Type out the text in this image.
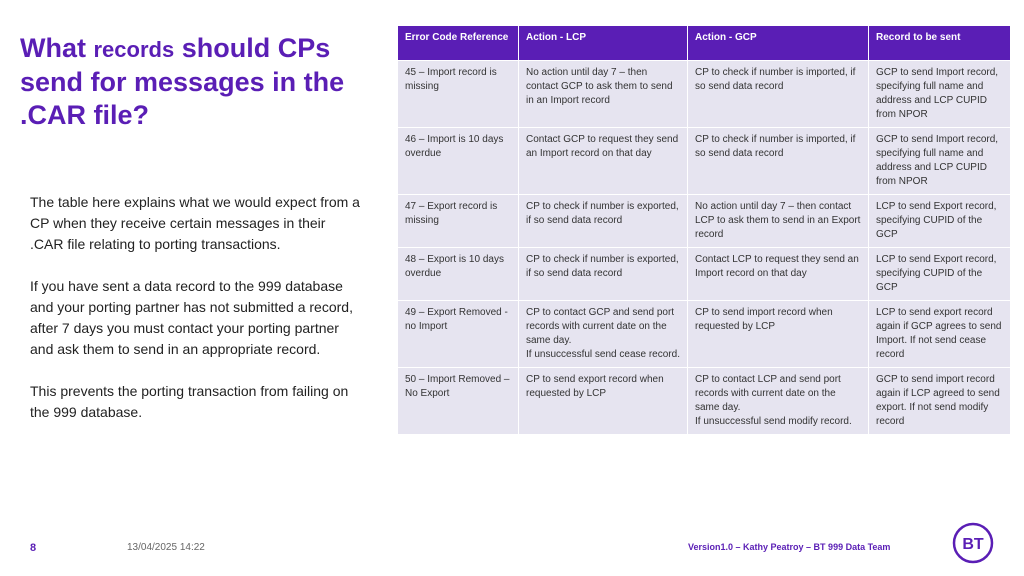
What records should CPs send for messages in the .CAR file?

The table here explains what we would expect from a CP when they receive certain messages in their .CAR file relating to porting transactions.

If you have sent a data record to the 999 database and your porting partner has not submitted a record, after 7 days you must contact your porting partner and ask them to send in an appropriate record.

This prevents the porting transaction from failing on the 999 database.

Error Code Reference	Action - LCP	Action - GCP	Record to be sent

45 – Import record is missing	No action until day 7 – then contact GCP to ask them to send in an Import record	CP to check if number is imported, if so send data record	GCP to send Import record, specifying full name and address and LCP CUPID from NPOR

46 – Import is 10 days overdue	Contact GCP to request they send an Import record on that day	CP to check if number is imported, if so send data record	GCP to send Import record, specifying full name and address and LCP CUPID from NPOR

47 – Export record is missing	CP to check if number is exported, if so send data record	No action until day 7 – then contact LCP to ask them to send in an Export record	LCP to send Export record, specifying CUPID of the GCP

48 – Export is 10 days overdue	CP to check if number is exported, if so send data record	Contact LCP to request they send an Import record on that day	LCP to send Export record, specifying CUPID of the GCP

49 – Export Removed - no Import	CP to contact GCP and send port records with current date on the same day.
If unsuccessful send cease record.	CP to send import record when requested by LCP	LCP to send export record again if GCP agrees to send Import. If not send cease record

50 – Import Removed – No Export	CP to send export record when requested by LCP	CP to contact LCP and send port records with current date on the same day.
If unsuccessful send modify record.	GCP to send import record again if LCP agreed to send export. If not send modify record
8	13/04/2025 14:22	Version1.0 – Kathy Peatroy – BT 999 Data Team	BT
